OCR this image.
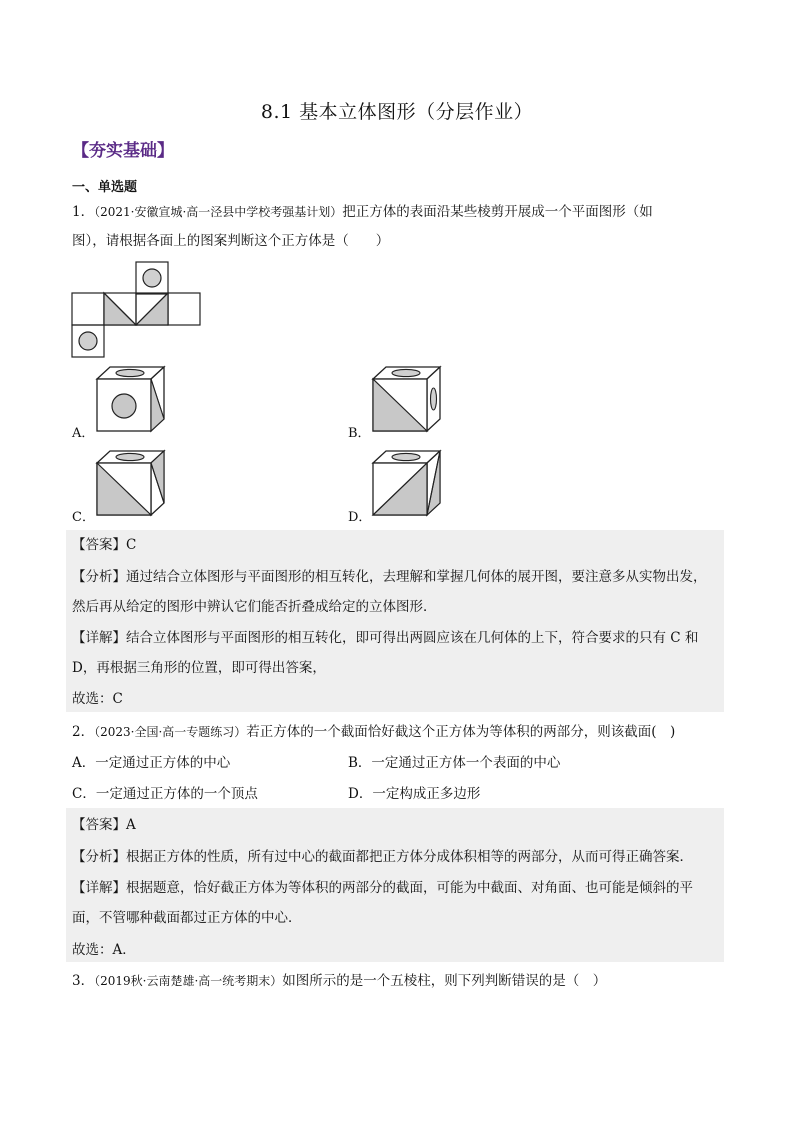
8.1 基本立体图形（分层作业）
【夯实基础】
一、单选题
1．（2021·安徽宣城·高一泾县中学校考强基计划）把正方体的表面沿某些棱剪开展成一个平面图形（如
图），请根据各面上的图案判断这个正方体是（　　）
A．	B．
C．	D．
【答案】C
【分析】通过结合立体图形与平面图形的相互转化，去理解和掌握几何体的展开图，要注意多从实物出发，
然后再从给定的图形中辨认它们能否折叠成给定的立体图形．
【详解】结合立体图形与平面图形的相互转化，即可得出两圆应该在几何体的上下，符合要求的只有 C 和
D，再根据三角形的位置，即可得出答案，
故选：C
2．（2023·全国·高一专题练习）若正方体的一个截面恰好截这个正方体为等体积的两部分，则该截面(　)
A．一定通过正方体的中心	B．一定通过正方体一个表面的中心
C．一定通过正方体的一个顶点	D．一定构成正多边形
【答案】A
【分析】根据正方体的性质，所有过中心的截面都把正方体分成体积相等的两部分，从而可得正确答案．
【详解】根据题意，恰好截正方体为等体积的两部分的截面，可能为中截面、对角面、也可能是倾斜的平
面，不管哪种截面都过正方体的中心．
故选：A．
3．（2019秋·云南楚雄·高一统考期末）如图所示的是一个五棱柱，则下列判断错误的是（　）
